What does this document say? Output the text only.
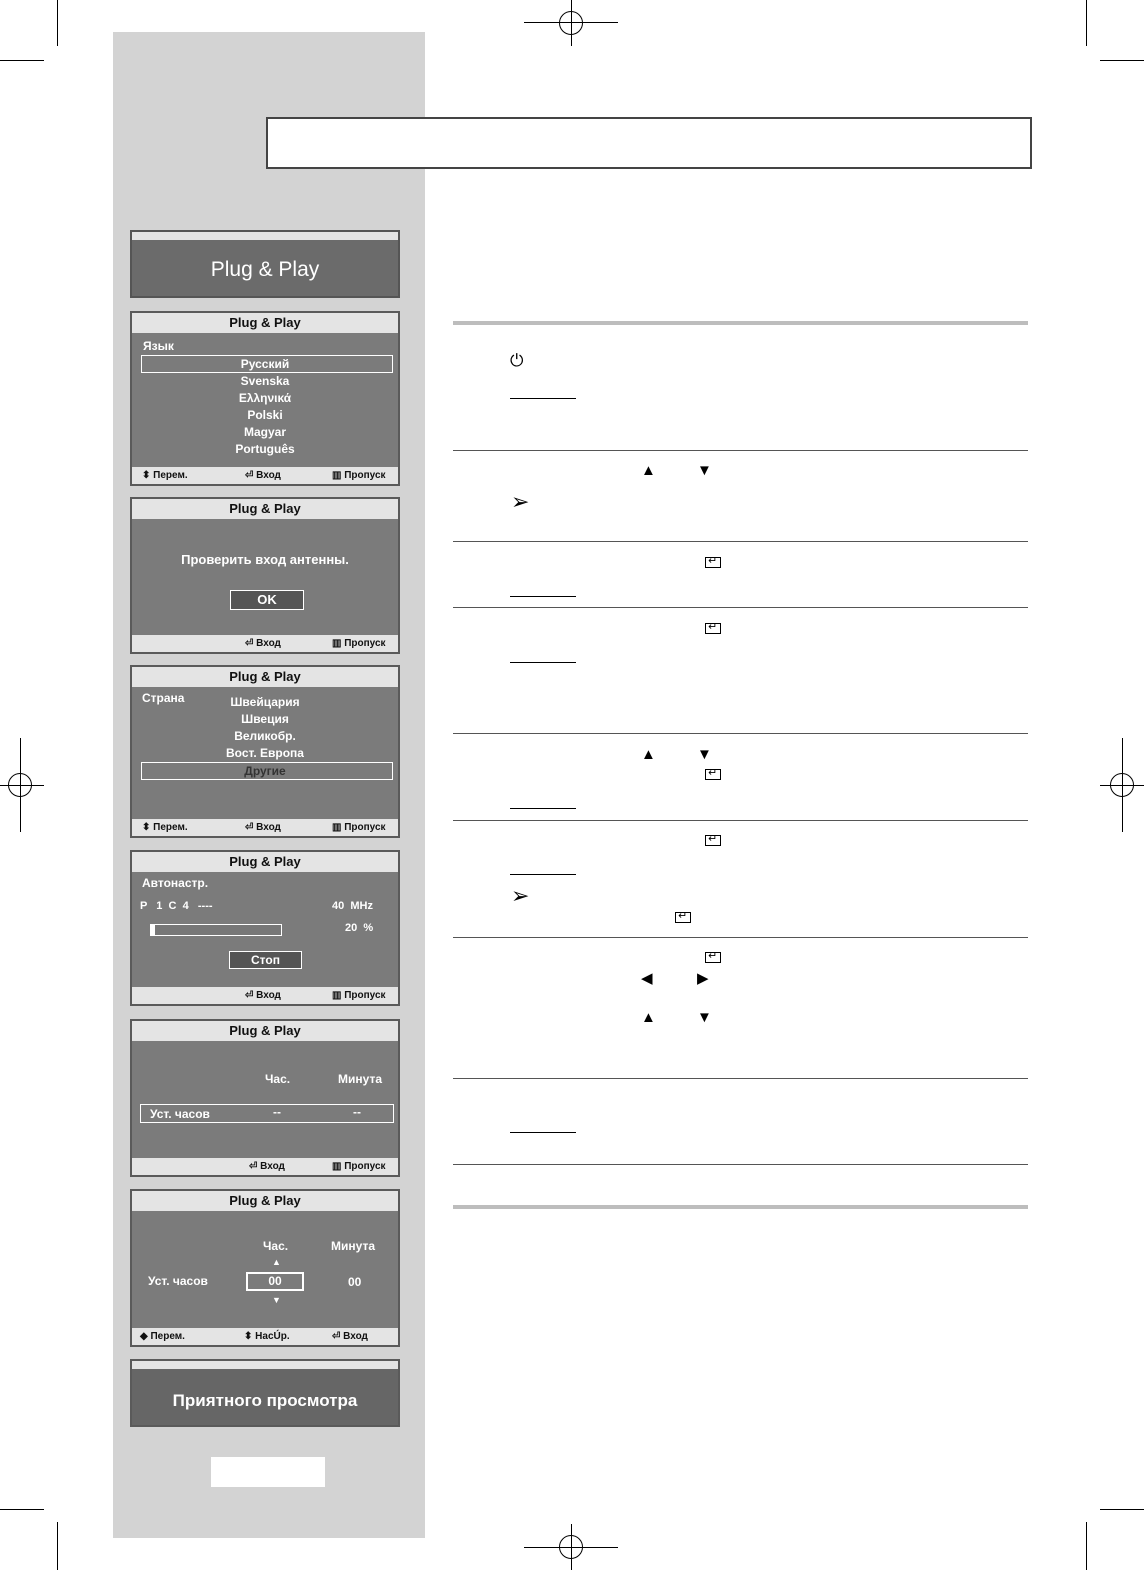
Plug & Play
Plug & Play
Язык
Русский
Svenska
Ελληνικά
Polski
Magyar
Português
⬍ Перем.	⏎ Вход	▥ Пропуск
Plug & Play
Проверить вход антенны.
OK
⏎ Вход	▥ Пропуск
Plug & Play
Страна	Швейцария
Швеция
Великобр.
Вост. Европа
Другие
⬍ Перем.	⏎ Вход	▥ Пропуск
Plug & Play
Автонастр.
P   1  C  4   ----	40  MHz
20  %
Стоп
⏎ Вход	▥ Пропуск
Plug & Play
Час.	Минута
Уст. часов	--	--
⏎ Вход	▥ Пропуск
Plug & Play
Час.	Минута
▲
Уст. часов	00	00
▼
◆ Перем.	⬍ НасÚр.	⏎ Вход
Приятного просмотра
⏻
▲	▼
➢
↵
↵
▲	▼
↵
↵
➢
↵
↵
◀	▶
▲	▼
